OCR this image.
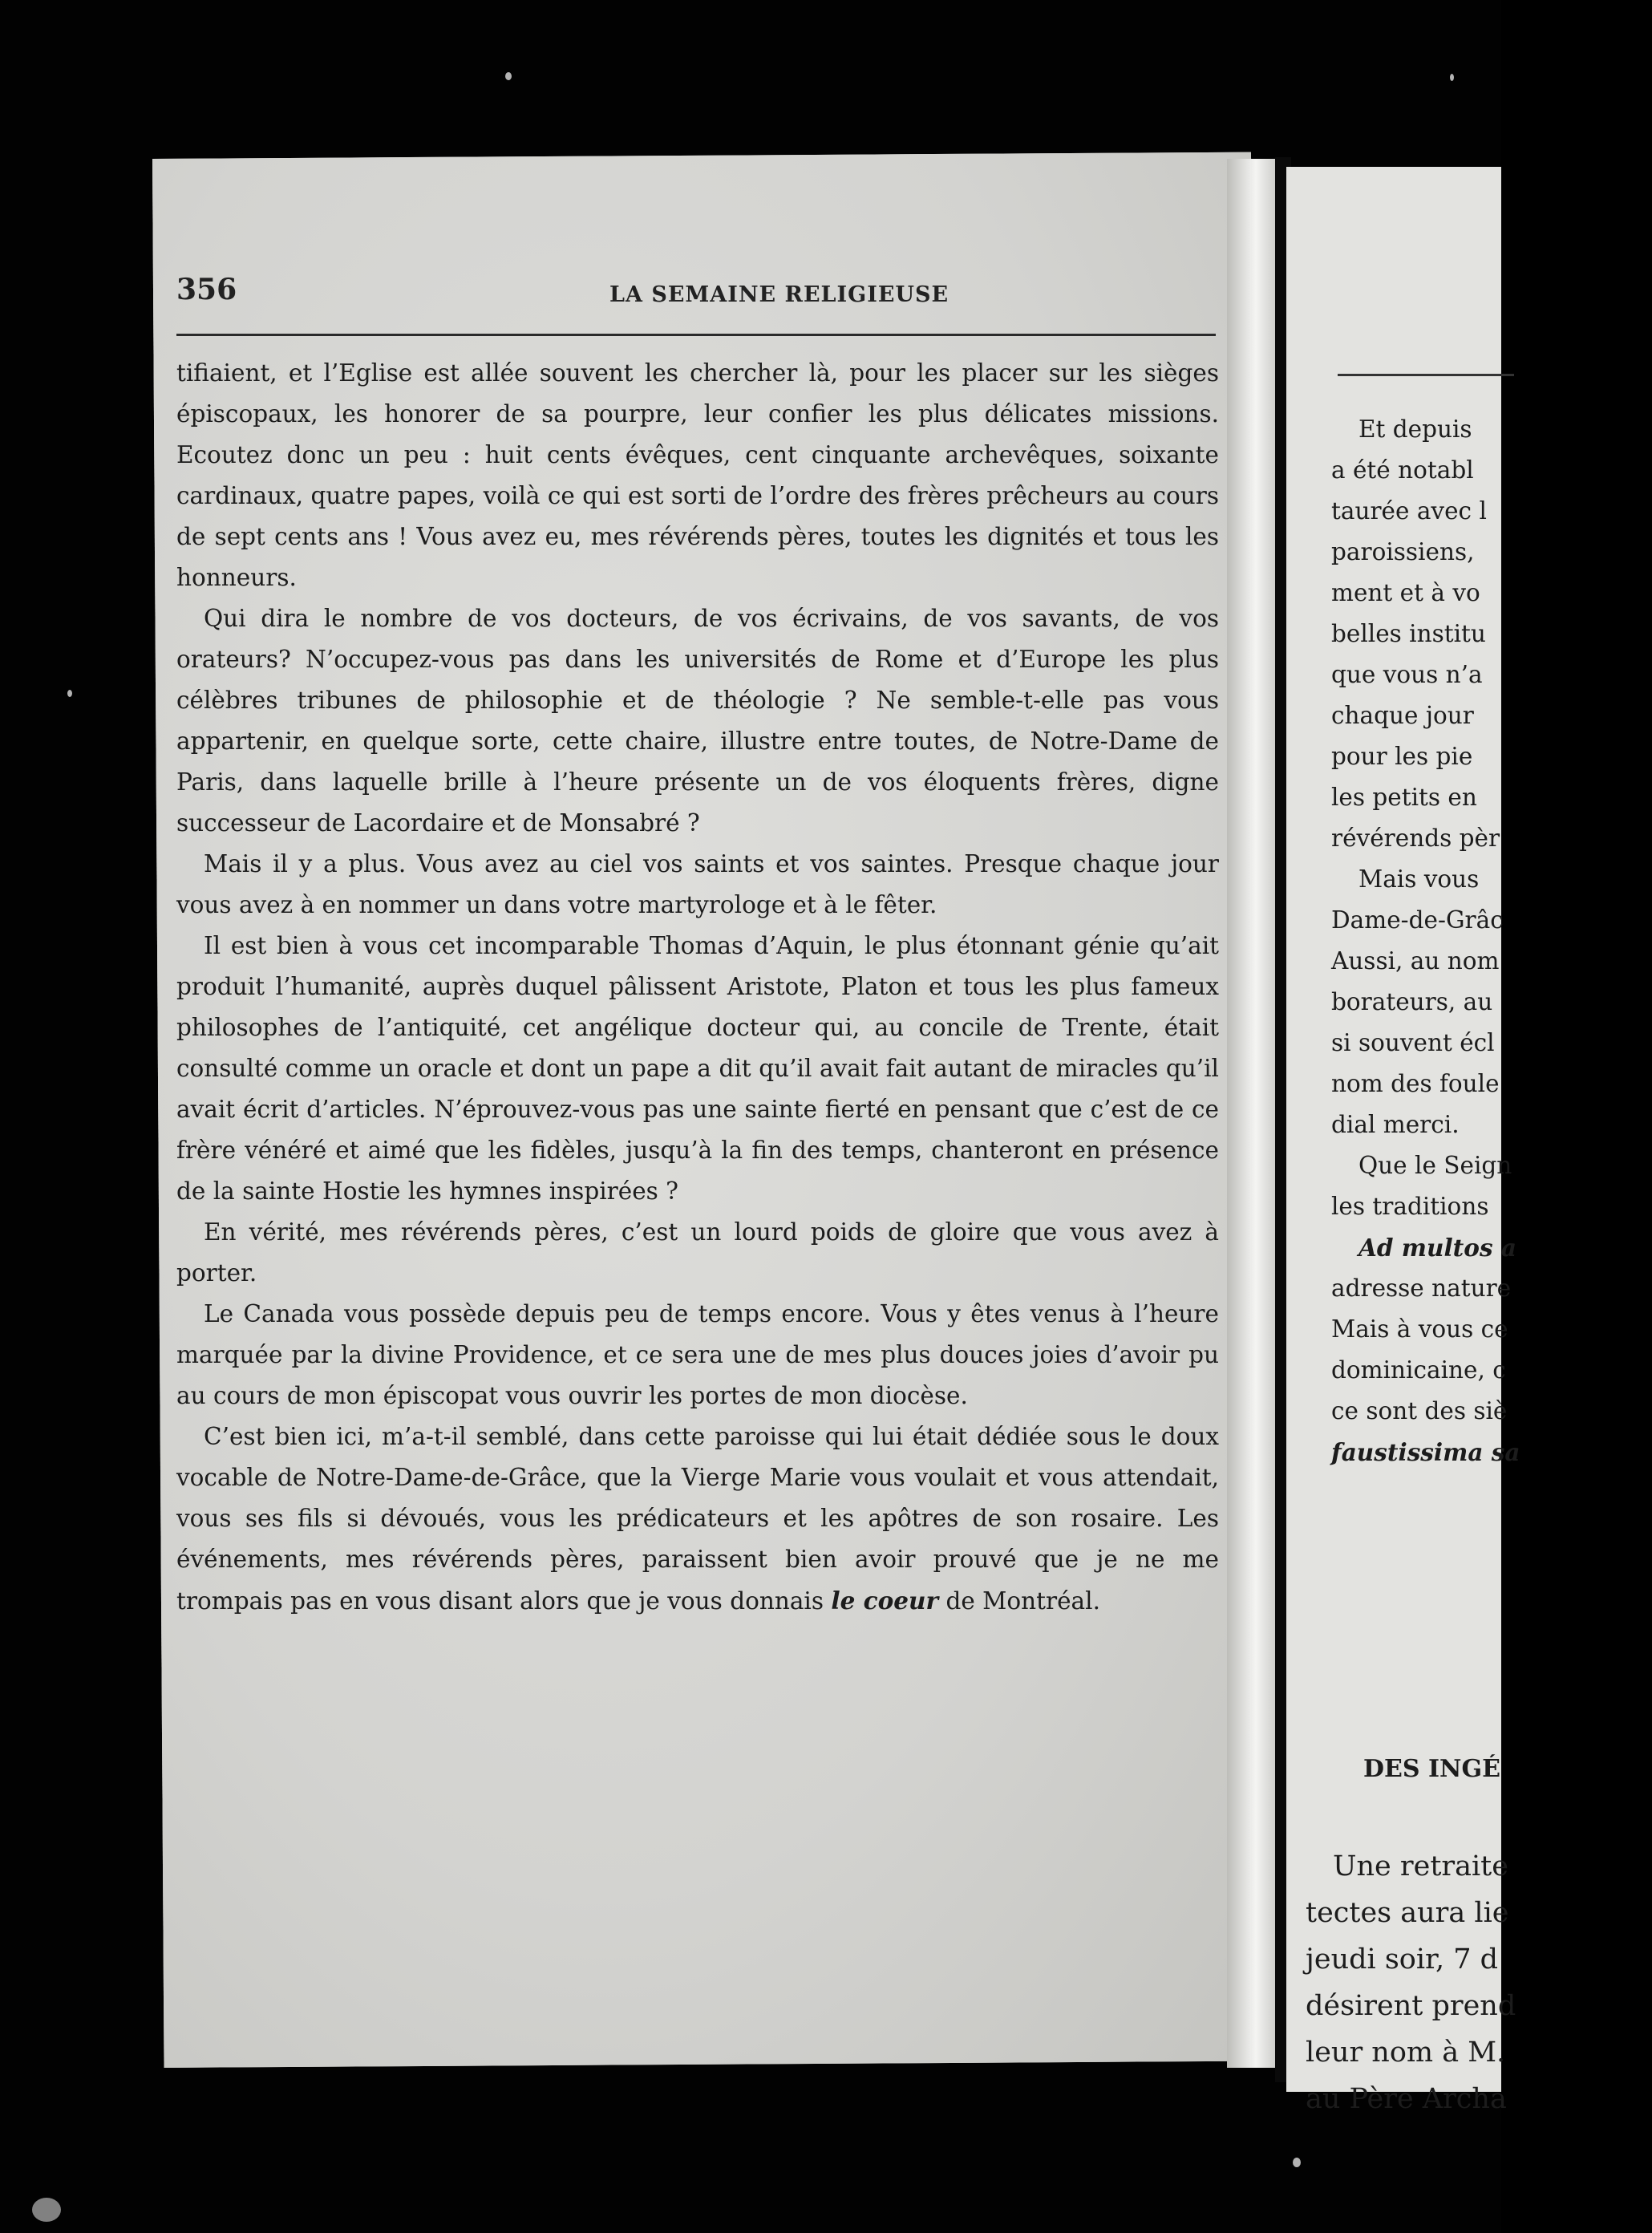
356	LA SEMAINE RELIGIEUSE

tifiaient, et l’Eglise est allée souvent les chercher là, pour les placer sur les sièges épiscopaux, les honorer de sa pourpre, leur confier les plus délicates missions. Ecoutez donc un peu : huit cents évêques, cent cinquante archevêques, soixante cardinaux, quatre papes, voilà ce qui est sorti de l’ordre des frères prêcheurs au cours de sept cents ans ! Vous avez eu, mes révérends pères, toutes les dignités et tous les honneurs.

Qui dira le nombre de vos docteurs, de vos écrivains, de vos savants, de vos orateurs? N’occupez-vous pas dans les universités de Rome et d’Europe les plus célèbres tribunes de philosophie et de théologie ? Ne semble-t-elle pas vous appartenir, en quelque sorte, cette chaire, illustre entre toutes, de Notre-Dame de Paris, dans laquelle brille à l’heure présente un de vos éloquents frères, digne successeur de Lacordaire et de Monsabré ?

Mais il y a plus. Vous avez au ciel vos saints et vos saintes. Presque chaque jour vous avez à en nommer un dans votre martyrologe et à le fêter.

Il est bien à vous cet incomparable Thomas d’Aquin, le plus étonnant génie qu’ait produit l’humanité, auprès duquel pâlissent Aristote, Platon et tous les plus fameux philosophes de l’antiquité, cet angélique docteur qui, au concile de Trente, était consulté comme un oracle et dont un pape a dit qu’il avait fait autant de miracles qu’il avait écrit d’articles. N’éprouvez-vous pas une sainte fierté en pensant que c’est de ce frère vénéré et aimé que les fidèles, jusqu’à la fin des temps, chanteront en présence de la sainte Hostie les hymnes inspirées ?

En vérité, mes révérends pères, c’est un lourd poids de gloire que vous avez à porter.

Le Canada vous possède depuis peu de temps encore. Vous y êtes venus à l’heure marquée par la divine Providence, et ce sera une de mes plus douces joies d’avoir pu au cours de mon épiscopat vous ouvrir les portes de mon diocèse.

C’est bien ici, m’a-t-il semblé, dans cette paroisse qui lui était dédiée sous le doux vocable de Notre-Dame-de-Grâce, que la Vierge Marie vous voulait et vous attendait, vous ses fils si dévoués, vous les prédicateurs et les apôtres de son rosaire. Les événements, mes révérends pères, paraissent bien avoir prouvé que je ne me trompais pas en vous disant alors que je vous donnais le coeur de Montréal.

Et depuis
a été notabl
taurée avec l
paroissiens,
ment et à vo
belles institu
que vous n’a
chaque jour
pour les pie
les petits en
révérends pèr
Mais vous
Dame-de-Grâc
Aussi, au nom
borateurs, au
si souvent écl
nom des foule
dial merci.
Que le Seign
les traditions
Ad multos a
adresse nature
Mais à vous ce
dominicaine, c
ce sont des siè
faustissima sa
DES INGÉ
Une retraite
tectes aura lie
jeudi soir, 7 d
désirent prend
leur nom à M.
au Père Archa
